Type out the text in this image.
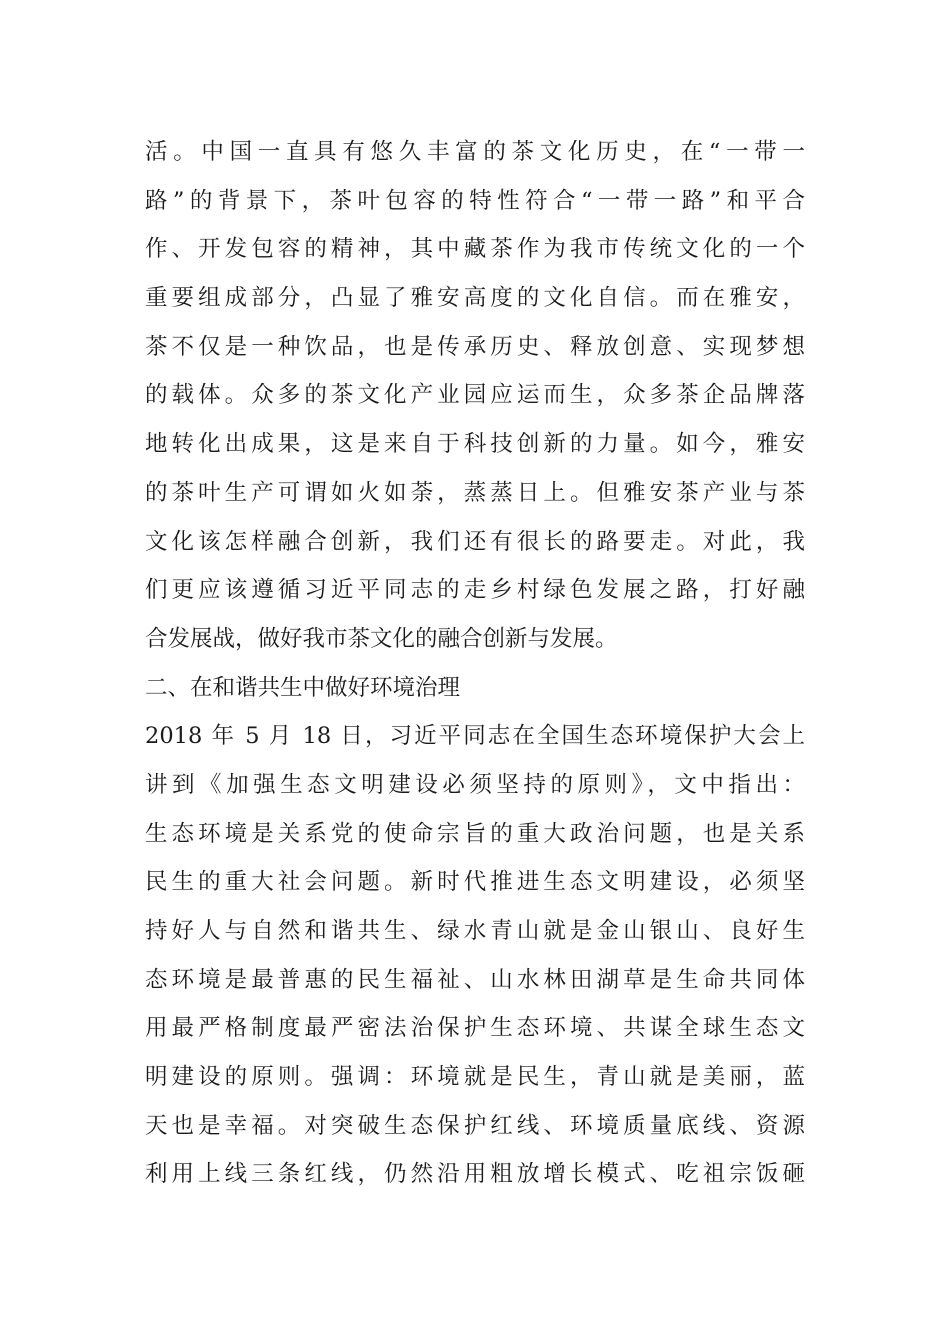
活。中国一直具有悠久丰富的茶文化历史，在“一带一
路”的背景下，茶叶包容的特性符合“一带一路”和平合
作、开发包容的精神，其中藏茶作为我市传统文化的一个
重要组成部分，凸显了雅安高度的文化自信。而在雅安，
茶不仅是一种饮品，也是传承历史、释放创意、实现梦想
的载体。众多的茶文化产业园应运而生，众多茶企品牌落
地转化出成果，这是来自于科技创新的力量。如今，雅安
的茶叶生产可谓如火如荼，蒸蒸日上。但雅安茶产业与茶
文化该怎样融合创新，我们还有很长的路要走。对此，我
们更应该遵循习近平同志的走乡村绿色发展之路，打好融
合发展战，做好我市茶文化的融合创新与发展。
二、在和谐共生中做好环境治理
2018 年 5 月 18 日，习近平同志在全国生态环境保护大会上
讲到《加强生态文明建设必须坚持的原则》，文中指出：
生态环境是关系党的使命宗旨的重大政治问题，也是关系
民生的重大社会问题。新时代推进生态文明建设，必须坚
持好人与自然和谐共生、绿水青山就是金山银山、良好生
态环境是最普惠的民生福祉、山水林田湖草是生命共同体
用最严格制度最严密法治保护生态环境、共谋全球生态文
明建设的原则。强调：环境就是民生，青山就是美丽，蓝
天也是幸福。对突破生态保护红线、环境质量底线、资源
利用上线三条红线，仍然沿用粗放增长模式、吃祖宗饭砸
